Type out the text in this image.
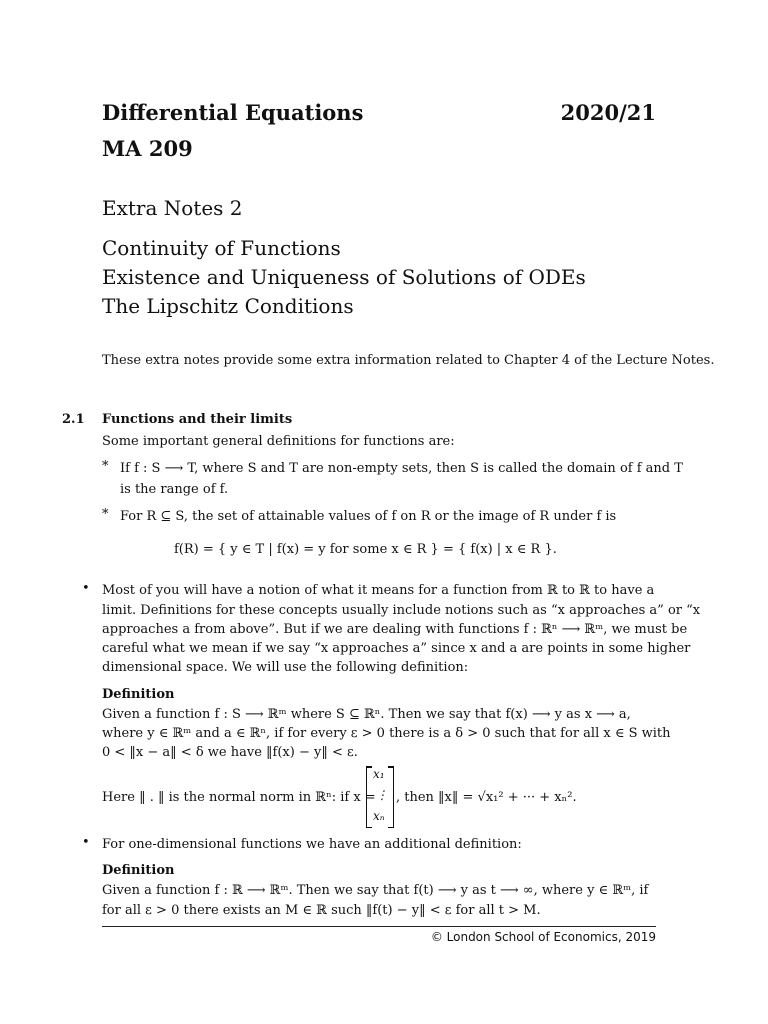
Differential Equations	2020/21
MA 209
Extra Notes 2
Continuity of Functions
Existence and Uniqueness of Solutions of ODEs
The Lipschitz Conditions
These extra notes provide some extra information related to Chapter 4 of the Lecture Notes.
2.1 Functions and their limits
Some important general definitions for functions are:
* If f : S ⟶ T, where S and T are non-empty sets, then S is called the domain of f and T
is the range of f.
* For R ⊆ S, the set of attainable values of f on R or the image of R under f is
f(R) = { y ∈ T | f(x) = y for some x ∈ R } = { f(x) | x ∈ R }.
• Most of you will have a notion of what it means for a function from ℝ to ℝ to have a
limit. Definitions for these concepts usually include notions such as “x approaches a” or “x
approaches a from above”. But if we are dealing with functions f : ℝⁿ ⟶ ℝᵐ, we must be
careful what we mean if we say “x approaches a” since x and a are points in some higher
dimensional space. We will use the following definition:
Definition
Given a function f : S ⟶ ℝᵐ where S ⊆ ℝⁿ. Then we say that f(x) ⟶ y as x ⟶ a,
where y ∈ ℝᵐ and a ∈ ℝⁿ, if for every ε > 0 there is a δ > 0 such that for all x ∈ S with
0 < ‖x − a‖ < δ we have ‖f(x) − y‖ < ε.
Here ‖ . ‖ is the normal norm in ℝⁿ: if x =
x₁
⋮
xₙ
, then ‖x‖ = √x₁² + ··· + xₙ².
• For one-dimensional functions we have an additional definition:
Definition
Given a function f : ℝ ⟶ ℝᵐ. Then we say that f(t) ⟶ y as t ⟶ ∞, where y ∈ ℝᵐ, if
for all ε > 0 there exists an M ∈ ℝ such ‖f(t) − y‖ < ε for all t > M.
© London School of Economics, 2019
